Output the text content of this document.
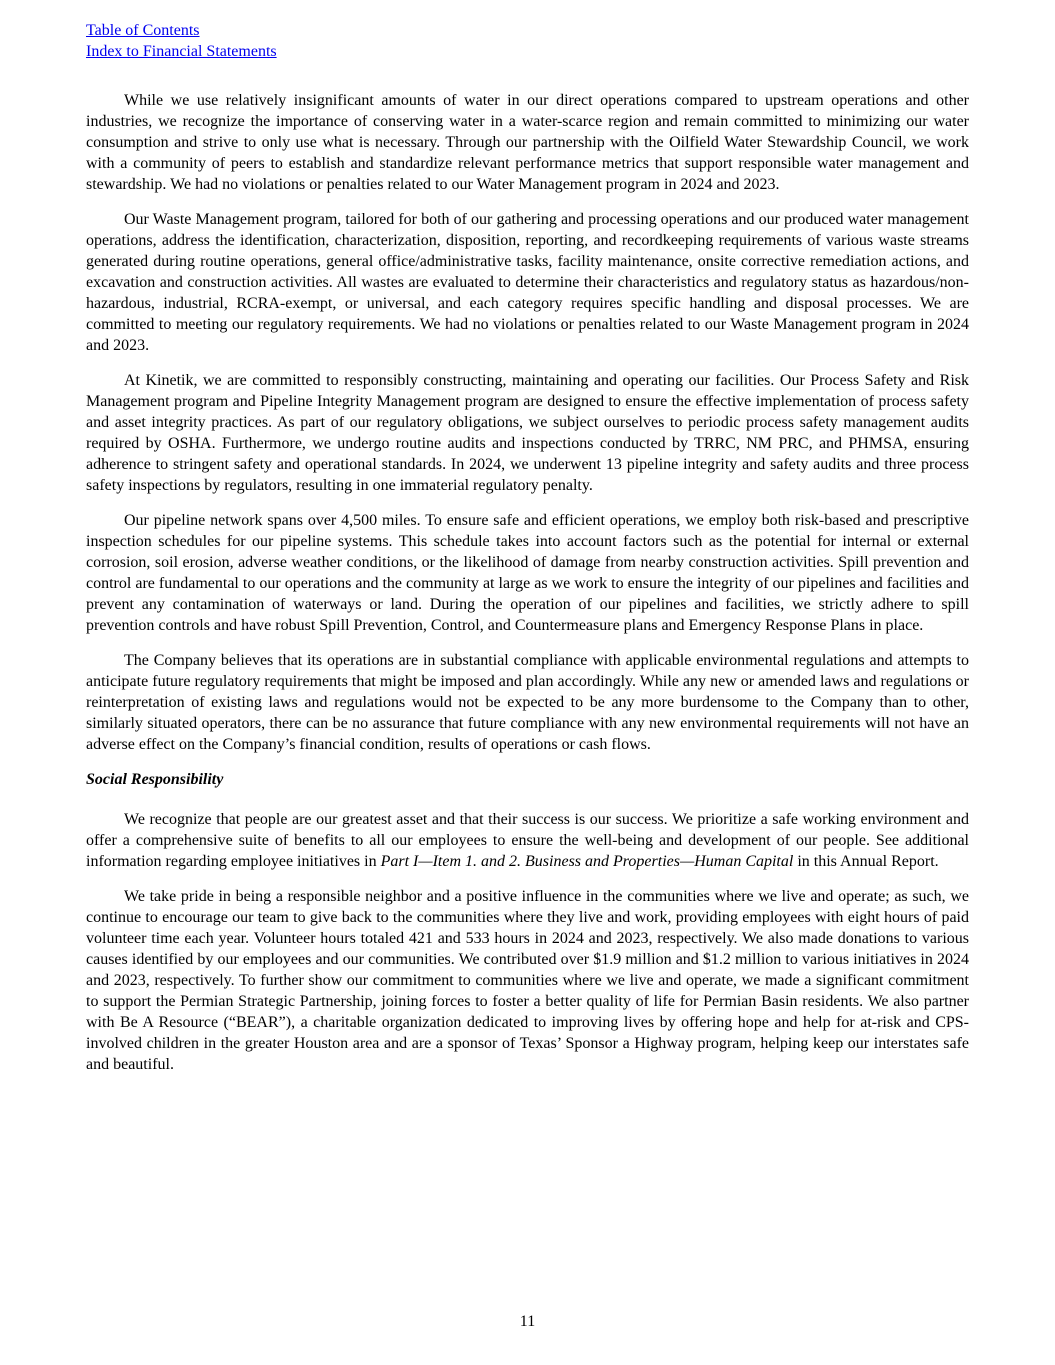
Table of Contents
Index to Financial Statements

While we use relatively insignificant amounts of water in our direct operations compared to upstream operations and other industries, we recognize the importance of conserving water in a water-scarce region and remain committed to minimizing our water consumption and strive to only use what is necessary. Through our partnership with the Oilfield Water Stewardship Council, we work with a community of peers to establish and standardize relevant performance metrics that support responsible water management and stewardship. We had no violations or penalties related to our Water Management program in 2024 and 2023.

Our Waste Management program, tailored for both of our gathering and processing operations and our produced water management operations, address the identification, characterization, disposition, reporting, and recordkeeping requirements of various waste streams generated during routine operations, general office/administrative tasks, facility maintenance, onsite corrective remediation actions, and excavation and construction activities. All wastes are evaluated to determine their characteristics and regulatory status as hazardous/non-hazardous, industrial, RCRA-exempt, or universal, and each category requires specific handling and disposal processes. We are committed to meeting our regulatory requirements. We had no violations or penalties related to our Waste Management program in 2024 and 2023.

At Kinetik, we are committed to responsibly constructing, maintaining and operating our facilities. Our Process Safety and Risk Management program and Pipeline Integrity Management program are designed to ensure the effective implementation of process safety and asset integrity practices. As part of our regulatory obligations, we subject ourselves to periodic process safety management audits required by OSHA. Furthermore, we undergo routine audits and inspections conducted by TRRC, NM PRC, and PHMSA, ensuring adherence to stringent safety and operational standards. In 2024, we underwent 13 pipeline integrity and safety audits and three process safety inspections by regulators, resulting in one immaterial regulatory penalty.

Our pipeline network spans over 4,500 miles. To ensure safe and efficient operations, we employ both risk-based and prescriptive inspection schedules for our pipeline systems. This schedule takes into account factors such as the potential for internal or external corrosion, soil erosion, adverse weather conditions, or the likelihood of damage from nearby construction activities. Spill prevention and control are fundamental to our operations and the community at large as we work to ensure the integrity of our pipelines and facilities and prevent any contamination of waterways or land. During the operation of our pipelines and facilities, we strictly adhere to spill prevention controls and have robust Spill Prevention, Control, and Countermeasure plans and Emergency Response Plans in place.

The Company believes that its operations are in substantial compliance with applicable environmental regulations and attempts to anticipate future regulatory requirements that might be imposed and plan accordingly. While any new or amended laws and regulations or reinterpretation of existing laws and regulations would not be expected to be any more burdensome to the Company than to other, similarly situated operators, there can be no assurance that future compliance with any new environmental requirements will not have an adverse effect on the Company’s financial condition, results of operations or cash flows.

Social Responsibility

We recognize that people are our greatest asset and that their success is our success. We prioritize a safe working environment and offer a comprehensive suite of benefits to all our employees to ensure the well-being and development of our people. See additional information regarding employee initiatives in Part I—Item 1. and 2. Business and Properties—Human Capital in this Annual Report.

We take pride in being a responsible neighbor and a positive influence in the communities where we live and operate; as such, we continue to encourage our team to give back to the communities where they live and work, providing employees with eight hours of paid volunteer time each year. Volunteer hours totaled 421 and 533 hours in 2024 and 2023, respectively. We also made donations to various causes identified by our employees and our communities. We contributed over $1.9 million and $1.2 million to various initiatives in 2024 and 2023, respectively. To further show our commitment to communities where we live and operate, we made a significant commitment to support the Permian Strategic Partnership, joining forces to foster a better quality of life for Permian Basin residents. We also partner with Be A Resource (“BEAR”), a charitable organization dedicated to improving lives by offering hope and help for at-risk and CPS-involved children in the greater Houston area and are a sponsor of Texas’ Sponsor a Highway program, helping keep our interstates safe and beautiful.

11
